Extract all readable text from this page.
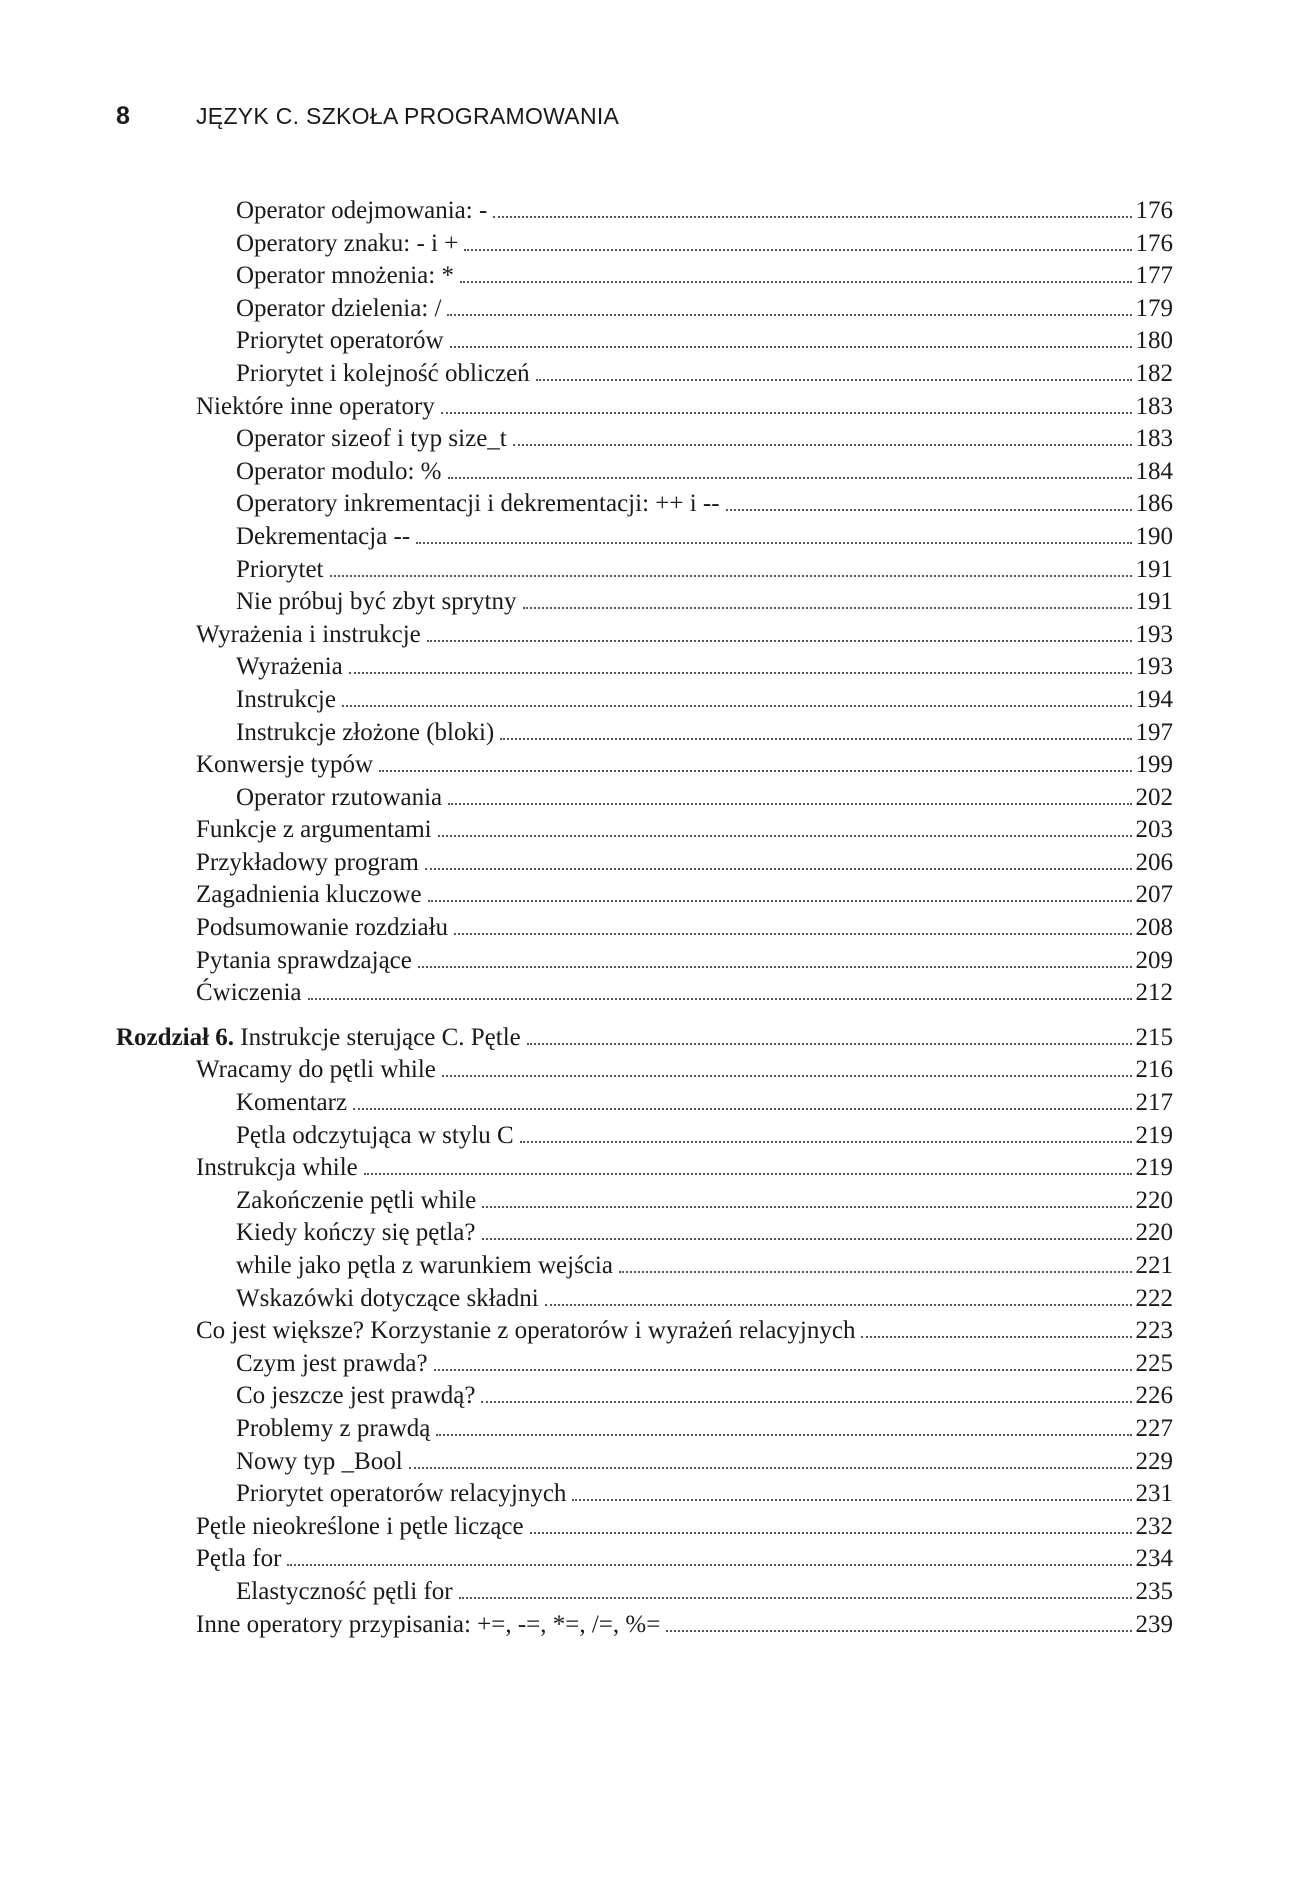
8	JĘZYK C. SZKOŁA PROGRAMOWANIA
Operator odejmowania: -	176
Operatory znaku: - i +	176
Operator mnożenia: *	177
Operator dzielenia: /	179
Priorytet operatorów	180
Priorytet i kolejność obliczeń	182
Niektóre inne operatory	183
Operator sizeof i typ size_t	183
Operator modulo: %	184
Operatory inkrementacji i dekrementacji: ++ i --	186
Dekrementacja --	190
Priorytet	191
Nie próbuj być zbyt sprytny	191
Wyrażenia i instrukcje	193
Wyrażenia	193
Instrukcje	194
Instrukcje złożone (bloki)	197
Konwersje typów	199
Operator rzutowania	202
Funkcje z argumentami	203
Przykładowy program	206
Zagadnienia kluczowe	207
Podsumowanie rozdziału	208
Pytania sprawdzające	209
Ćwiczenia	212
Rozdział 6. Instrukcje sterujące C. Pętle	215
Wracamy do pętli while	216
Komentarz	217
Pętla odczytująca w stylu C	219
Instrukcja while	219
Zakończenie pętli while	220
Kiedy kończy się pętla?	220
while jako pętla z warunkiem wejścia	221
Wskazówki dotyczące składni	222
Co jest większe? Korzystanie z operatorów i wyrażeń relacyjnych	223
Czym jest prawda?	225
Co jeszcze jest prawdą?	226
Problemy z prawdą	227
Nowy typ _Bool	229
Priorytet operatorów relacyjnych	231
Pętle nieokreślone i pętle liczące	232
Pętla for	234
Elastyczność pętli for	235
Inne operatory przypisania: +=, -=, *=, /=, %=	239
